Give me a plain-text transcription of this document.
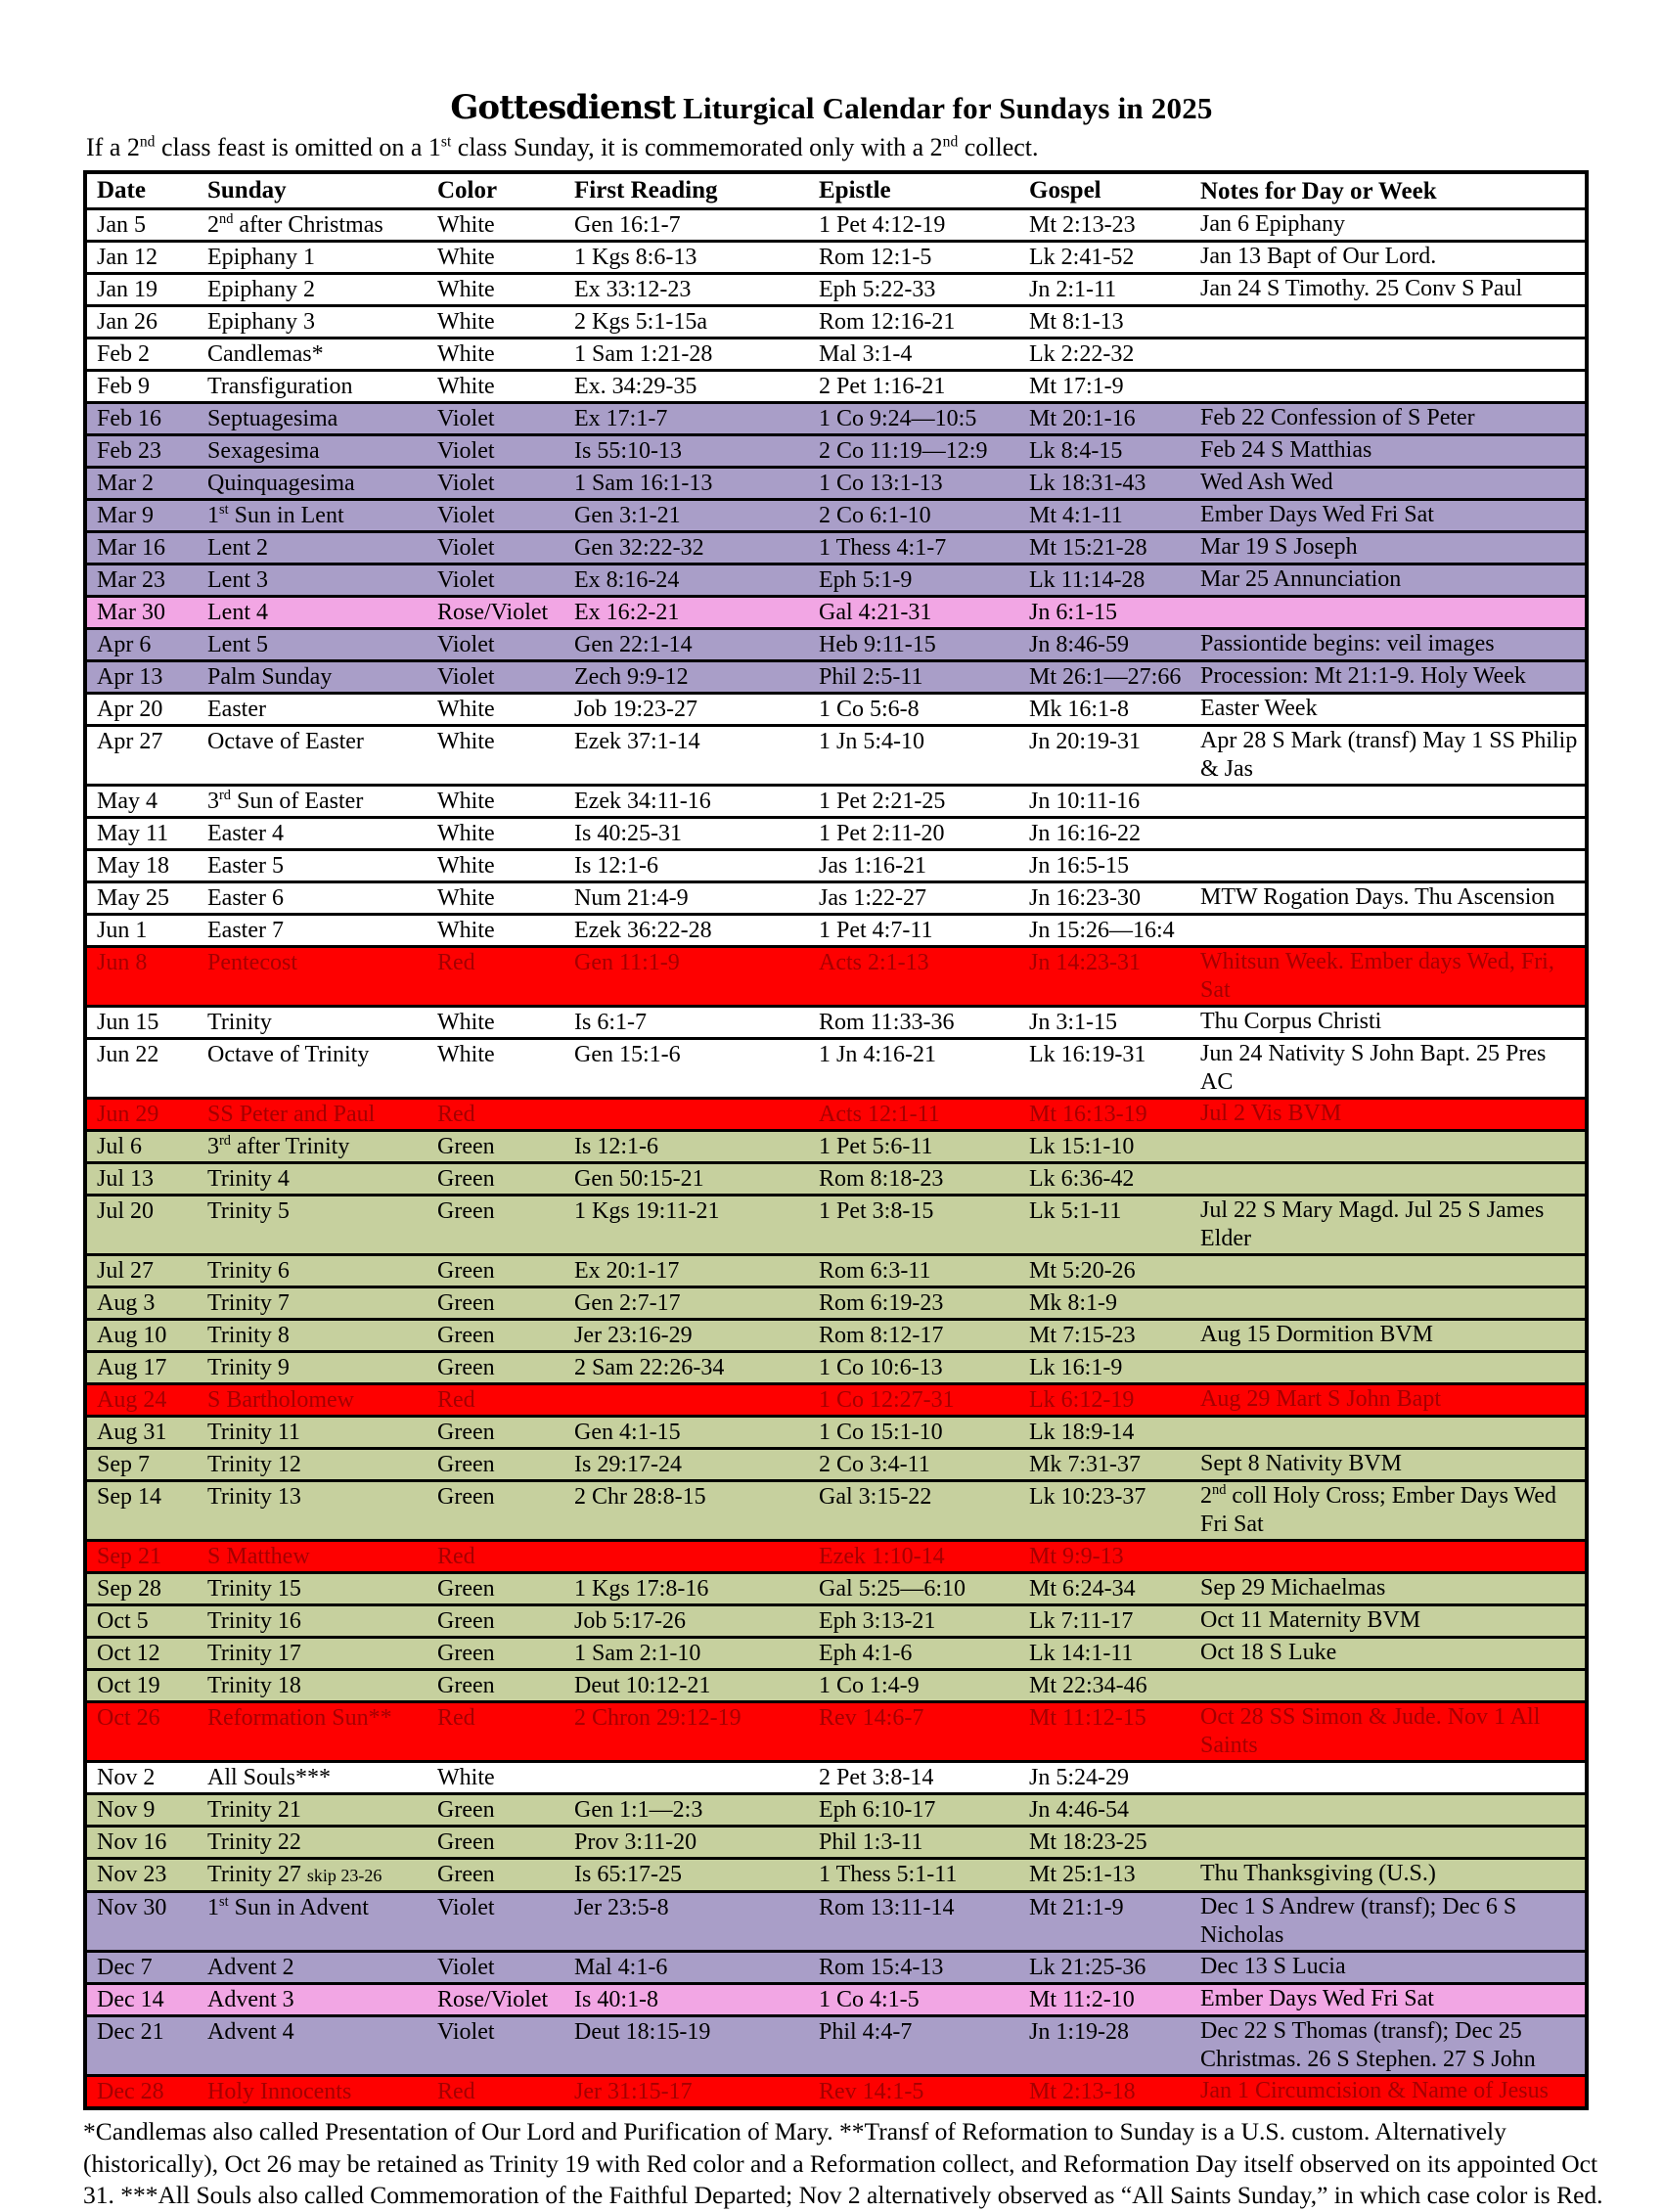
Gottesdienst Liturgical Calendar for Sundays in 2025
If a 2nd class feast is omitted on a 1st class Sunday, it is commemorated only with a 2nd collect.
Date	Sunday	Color	First Reading	Epistle	Gospel	Notes for Day or Week
Jan 5	2nd after Christmas	White	Gen 16:1-7	1 Pet 4:12-19	Mt 2:13-23	Jan 6 Epiphany
Jan 12	Epiphany 1	White	1 Kgs 8:6-13	Rom 12:1-5	Lk 2:41-52	Jan 13 Bapt of Our Lord.
Jan 19	Epiphany 2	White	Ex 33:12-23	Eph 5:22-33	Jn 2:1-11	Jan 24 S Timothy. 25 Conv S Paul
Jan 26	Epiphany 3	White	2 Kgs 5:1-15a	Rom 12:16-21	Mt 8:1-13	
Feb 2	Candlemas*	White	1 Sam 1:21-28	Mal 3:1-4	Lk 2:22-32	
Feb 9	Transfiguration	White	Ex. 34:29-35	2 Pet 1:16-21	Mt 17:1-9	
Feb 16	Septuagesima	Violet	Ex 17:1-7	1 Co 9:24—10:5	Mt 20:1-16	Feb 22 Confession of S Peter
Feb 23	Sexagesima	Violet	Is 55:10-13	2 Co 11:19—12:9	Lk 8:4-15	Feb 24 S Matthias
Mar 2	Quinquagesima	Violet	1 Sam 16:1-13	1 Co 13:1-13	Lk 18:31-43	Wed Ash Wed
Mar 9	1st Sun in Lent	Violet	Gen 3:1-21	2 Co 6:1-10	Mt 4:1-11	Ember Days Wed Fri Sat
Mar 16	Lent 2	Violet	Gen 32:22-32	1 Thess 4:1-7	Mt 15:21-28	Mar 19 S Joseph
Mar 23	Lent 3	Violet	Ex 8:16-24	Eph 5:1-9	Lk 11:14-28	Mar 25 Annunciation
Mar 30	Lent 4	Rose/Violet	Ex 16:2-21	Gal 4:21-31	Jn 6:1-15	
Apr 6	Lent 5	Violet	Gen 22:1-14	Heb 9:11-15	Jn 8:46-59	Passiontide begins: veil images
Apr 13	Palm Sunday	Violet	Zech 9:9-12	Phil 2:5-11	Mt 26:1—27:66	Procession: Mt 21:1-9. Holy Week
Apr 20	Easter	White	Job 19:23-27	1 Co 5:6-8	Mk 16:1-8	Easter Week
Apr 27	Octave of Easter	White	Ezek 37:1-14	1 Jn 5:4-10	Jn 20:19-31	Apr 28 S Mark (transf) May 1 SS Philip & Jas
May 4	3rd Sun of Easter	White	Ezek 34:11-16	1 Pet 2:21-25	Jn 10:11-16	
May 11	Easter 4	White	Is 40:25-31	1 Pet 2:11-20	Jn 16:16-22	
May 18	Easter 5	White	Is 12:1-6	Jas 1:16-21	Jn 16:5-15	
May 25	Easter 6	White	Num 21:4-9	Jas 1:22-27	Jn 16:23-30	MTW Rogation Days. Thu Ascension
Jun 1	Easter 7	White	Ezek 36:22-28	1 Pet 4:7-11	Jn 15:26—16:4	
Jun 8	Pentecost	Red	Gen 11:1-9	Acts 2:1-13	Jn 14:23-31	Whitsun Week. Ember days Wed, Fri, Sat
Jun 15	Trinity	White	Is 6:1-7	Rom 11:33-36	Jn 3:1-15	Thu Corpus Christi
Jun 22	Octave of Trinity	White	Gen 15:1-6	1 Jn 4:16-21	Lk 16:19-31	Jun 24 Nativity S John Bapt. 25 Pres AC
Jun 29	SS Peter and Paul	Red		Acts 12:1-11	Mt 16:13-19	Jul 2 Vis BVM
Jul 6	3rd after Trinity	Green	Is 12:1-6	1 Pet 5:6-11	Lk 15:1-10	
Jul 13	Trinity 4	Green	Gen 50:15-21	Rom 8:18-23	Lk 6:36-42	
Jul 20	Trinity 5	Green	1 Kgs 19:11-21	1 Pet 3:8-15	Lk 5:1-11	Jul 22 S Mary Magd. Jul 25 S James Elder
Jul 27	Trinity 6	Green	Ex 20:1-17	Rom 6:3-11	Mt 5:20-26	
Aug 3	Trinity 7	Green	Gen 2:7-17	Rom 6:19-23	Mk 8:1-9	
Aug 10	Trinity 8	Green	Jer 23:16-29	Rom 8:12-17	Mt 7:15-23	Aug 15 Dormition BVM
Aug 17	Trinity 9	Green	2 Sam 22:26-34	1 Co 10:6-13	Lk 16:1-9	
Aug 24	S Bartholomew	Red		1 Co 12:27-31	Lk 6:12-19	Aug 29 Mart S John Bapt
Aug 31	Trinity 11	Green	Gen 4:1-15	1 Co 15:1-10	Lk 18:9-14	
Sep 7	Trinity 12	Green	Is 29:17-24	2 Co 3:4-11	Mk 7:31-37	Sept 8 Nativity BVM
Sep 14	Trinity 13	Green	2 Chr 28:8-15	Gal 3:15-22	Lk 10:23-37	2nd coll Holy Cross; Ember Days Wed Fri Sat
Sep 21	S Matthew	Red		Ezek 1:10-14	Mt 9:9-13	
Sep 28	Trinity 15	Green	1 Kgs 17:8-16	Gal 5:25—6:10	Mt 6:24-34	Sep 29 Michaelmas
Oct 5	Trinity 16	Green	Job 5:17-26	Eph 3:13-21	Lk 7:11-17	Oct 11 Maternity BVM
Oct 12	Trinity 17	Green	1 Sam 2:1-10	Eph 4:1-6	Lk 14:1-11	Oct 18 S Luke
Oct 19	Trinity 18	Green	Deut 10:12-21	1 Co 1:4-9	Mt 22:34-46	
Oct 26	Reformation Sun**	Red	2 Chron 29:12-19	Rev 14:6-7	Mt 11:12-15	Oct 28 SS Simon & Jude. Nov 1 All Saints
Nov 2	All Souls***	White		2 Pet 3:8-14	Jn 5:24-29	
Nov 9	Trinity 21	Green	Gen 1:1—2:3	Eph 6:10-17	Jn 4:46-54	
Nov 16	Trinity 22	Green	Prov 3:11-20	Phil 1:3-11	Mt 18:23-25	
Nov 23	Trinity 27 skip 23-26	Green	Is 65:17-25	1 Thess 5:1-11	Mt 25:1-13	Thu Thanksgiving (U.S.)
Nov 30	1st Sun in Advent	Violet	Jer 23:5-8	Rom 13:11-14	Mt 21:1-9	Dec 1 S Andrew (transf); Dec 6 S Nicholas
Dec 7	Advent 2	Violet	Mal 4:1-6	Rom 15:4-13	Lk 21:25-36	Dec 13 S Lucia
Dec 14	Advent 3	Rose/Violet	Is 40:1-8	1 Co 4:1-5	Mt 11:2-10	Ember Days Wed Fri Sat
Dec 21	Advent 4	Violet	Deut 18:15-19	Phil 4:4-7	Jn 1:19-28	Dec 22 S Thomas (transf); Dec 25 Christmas. 26 S Stephen. 27 S John
Dec 28	Holy Innocents	Red	Jer 31:15-17	Rev 14:1-5	Mt 2:13-18	Jan 1 Circumcision & Name of Jesus
*Candlemas also called Presentation of Our Lord and Purification of Mary. **Transf of Reformation to Sunday is a U.S. custom. Alternatively (historically), Oct 26 may be retained as Trinity 19 with Red color and a Reformation collect, and Reformation Day itself observed on its appointed Oct 31. ***All Souls also called Commemoration of the Faithful Departed; Nov 2 alternatively observed as “All Saints Sunday,” in which case color is Red.
